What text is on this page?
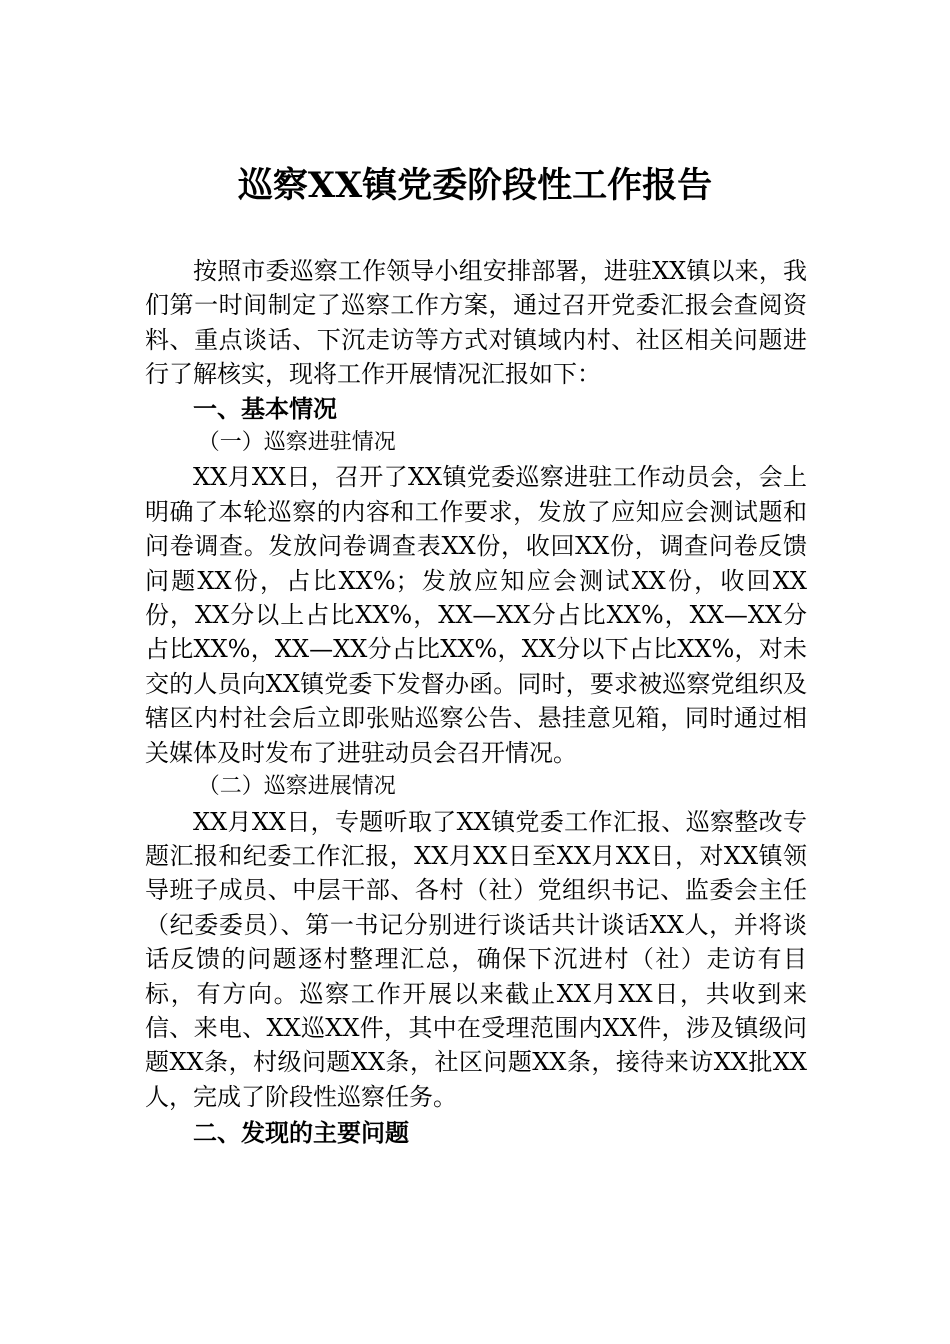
巡察XX镇党委阶段性工作报告

按照市委巡察工作领导小组安排部署，进驻XX镇以来，我们第一时间制定了巡察工作方案，通过召开党委汇报会查阅资料、重点谈话、下沉走访等方式对镇域内村、社区相关问题进行了解核实，现将工作开展情况汇报如下：

一、基本情况
（一）巡察进驻情况

XX月XX日，召开了XX镇党委巡察进驻工作动员会，会上明确了本轮巡察的内容和工作要求，发放了应知应会测试题和问卷调查。发放问卷调查表XX份，收回XX份，调查问卷反馈问题XX份，占比XX%；发放应知应会测试XX份，收回XX份，XX分以上占比XX%，XX—XX分占比XX%，XX—XX分占比XX%，XX—XX分占比XX%，XX分以下占比XX%，对未交的人员向XX镇党委下发督办函。同时，要求被巡察党组织及辖区内村社会后立即张贴巡察公告、悬挂意见箱，同时通过相关媒体及时发布了进驻动员会召开情况。

（二）巡察进展情况

XX月XX日，专题听取了XX镇党委工作汇报、巡察整改专题汇报和纪委工作汇报，XX月XX日至XX月XX日，对XX镇领导班子成员、中层干部、各村（社）党组织书记、监委会主任（纪委委员）、第一书记分别进行谈话共计谈话XX人，并将谈话反馈的问题逐村整理汇总，确保下沉进村（社）走访有目标，有方向。巡察工作开展以来截止XX月XX日，共收到来信、来电、XX巡XX件，其中在受理范围内XX件，涉及镇级问题XX条，村级问题XX条，社区问题XX条，接待来访XX批XX人，完成了阶段性巡察任务。

二、发现的主要问题
